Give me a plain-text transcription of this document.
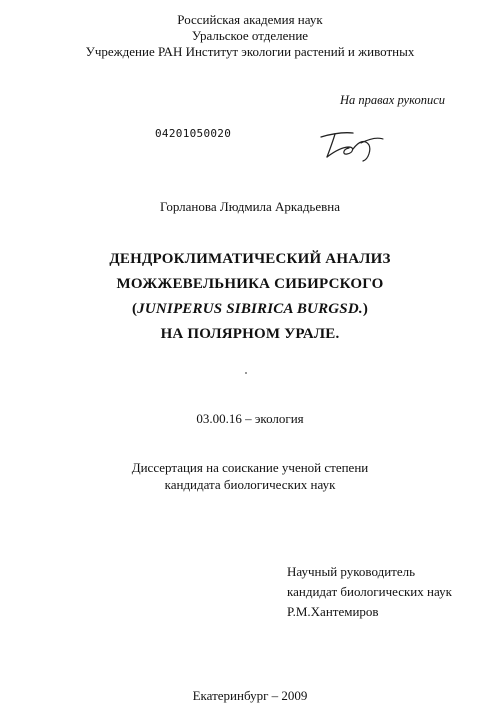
Российская академия наук
Уральское отделение
Учреждение РАН Институт экологии растений и животных
На правах рукописи
04201050020
Горланова Людмила Аркадьевна
ДЕНДРОКЛИМАТИЧЕСКИЙ АНАЛИЗ
МОЖЖЕВЕЛЬНИКА СИБИРСКОГО
(JUNIPERUS SIBIRICA BURGSD.)
НА ПОЛЯРНОМ УРАЛЕ.
03.00.16 – экология
Диссертация на соискание ученой степени
кандидата биологических наук
Научный руководитель
кандидат биологических наук
Р.М.Хантемиров
Екатеринбург – 2009
